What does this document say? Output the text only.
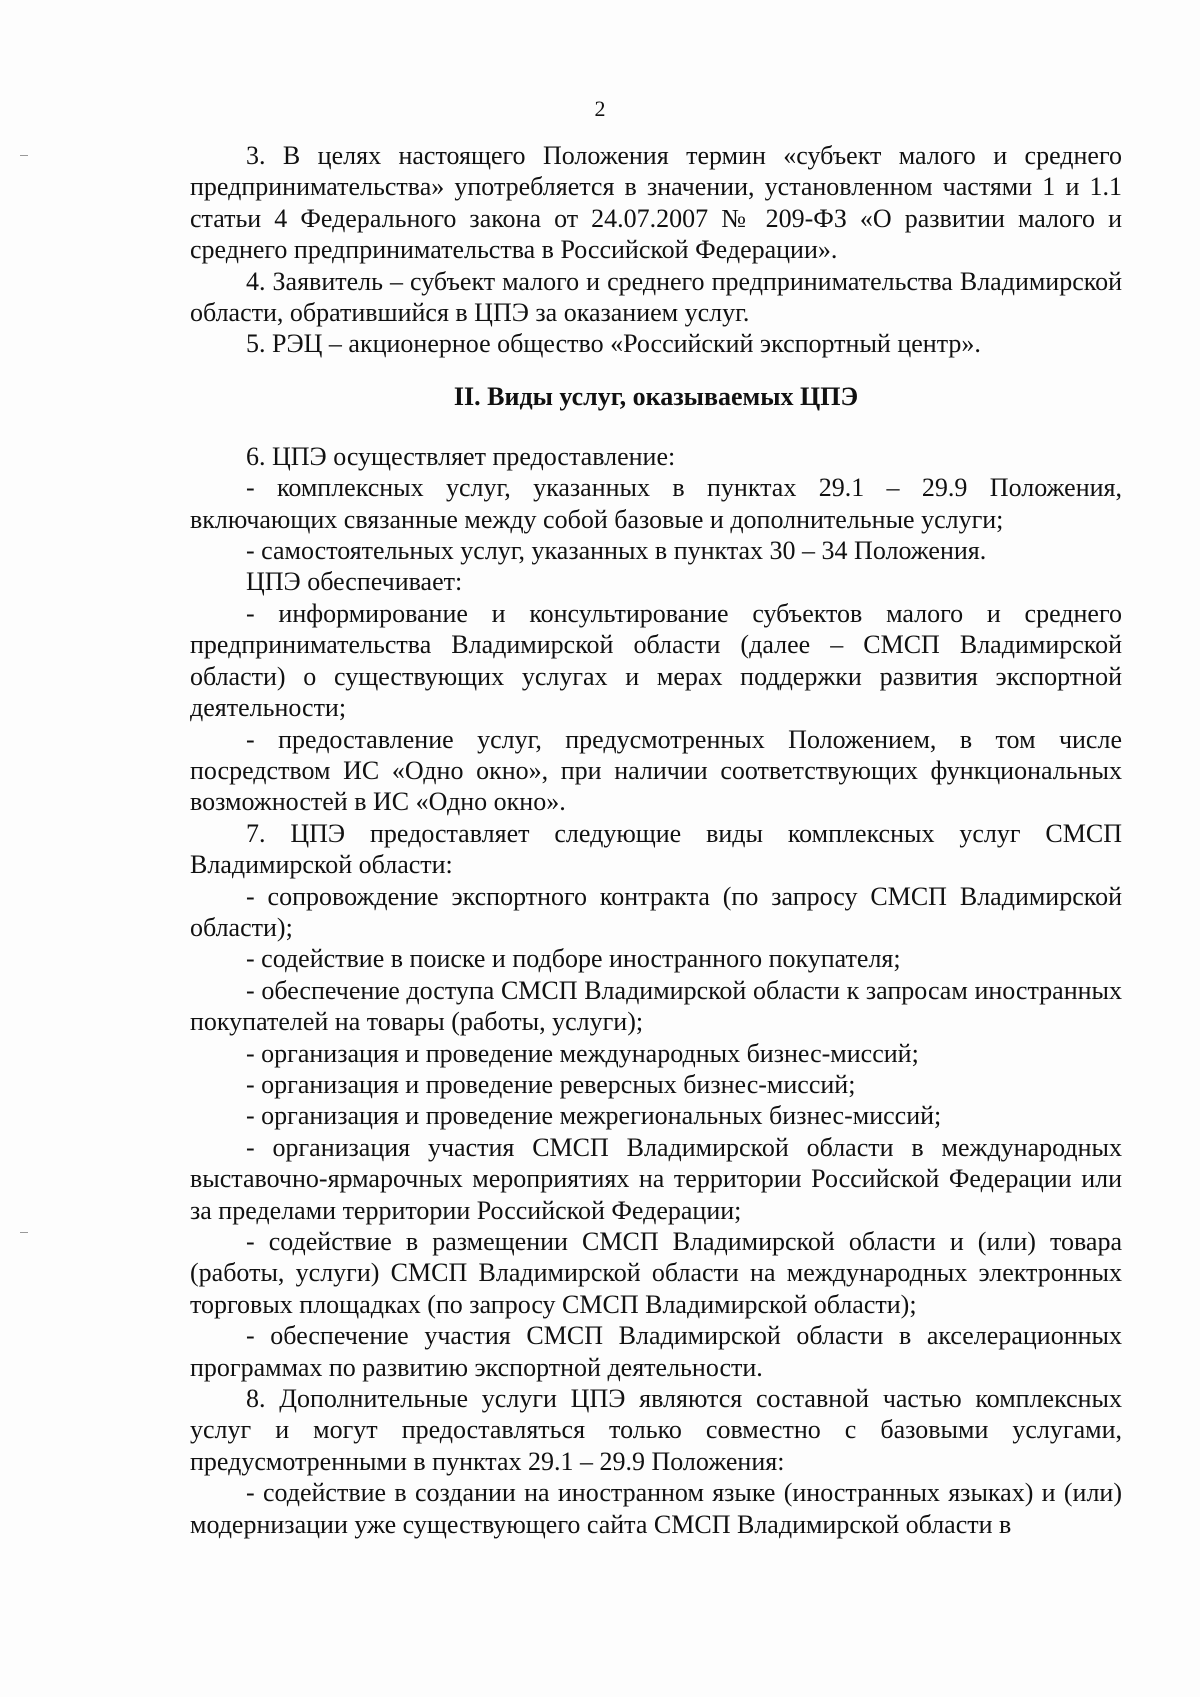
2

3. В целях настоящего Положения термин «субъект малого и среднего предпринимательства» употребляется в значении, установленном частями 1 и 1.1 статьи 4 Федерального закона от 24.07.2007 № 209-ФЗ «О развитии малого и среднего предпринимательства в Российской Федерации».

4. Заявитель – субъект малого и среднего предпринимательства Владимирской области, обратившийся в ЦПЭ за оказанием услуг.

5. РЭЦ – акционерное общество «Российский экспортный центр».

II. Виды услуг, оказываемых ЦПЭ

6. ЦПЭ осуществляет предоставление:

- комплексных услуг, указанных в пунктах 29.1 – 29.9 Положения, включающих связанные между собой базовые и дополнительные услуги;

- самостоятельных услуг, указанных в пунктах 30 – 34 Положения.

ЦПЭ обеспечивает:

- информирование и консультирование субъектов малого и среднего предпринимательства Владимирской области (далее – СМСП Владимирской области) о существующих услугах и мерах поддержки развития экспортной деятельности;

- предоставление услуг, предусмотренных Положением, в том числе посредством ИС «Одно окно», при наличии соответствующих функциональных возможностей в ИС «Одно окно».

7. ЦПЭ предоставляет следующие виды комплексных услуг СМСП Владимирской области:

- сопровождение экспортного контракта (по запросу СМСП Владимирской области);

- содействие в поиске и подборе иностранного покупателя;

- обеспечение доступа СМСП Владимирской области к запросам иностранных покупателей на товары (работы, услуги);

- организация и проведение международных бизнес-миссий;

- организация и проведение реверсных бизнес-миссий;

- организация и проведение межрегиональных бизнес-миссий;

- организация участия СМСП Владимирской области в международных выставочно-ярмарочных мероприятиях на территории Российской Федерации или за пределами территории Российской Федерации;

- содействие в размещении СМСП Владимирской области и (или) товара (работы, услуги) СМСП Владимирской области на международных электронных торговых площадках (по запросу СМСП Владимирской области);

- обеспечение участия СМСП Владимирской области в акселерационных программах по развитию экспортной деятельности.

8. Дополнительные услуги ЦПЭ являются составной частью комплексных услуг и могут предоставляться только совместно с базовыми услугами, предусмотренными в пунктах 29.1 – 29.9 Положения:

- содействие в создании на иностранном языке (иностранных языках) и (или) модернизации уже существующего сайта СМСП Владимирской области в
